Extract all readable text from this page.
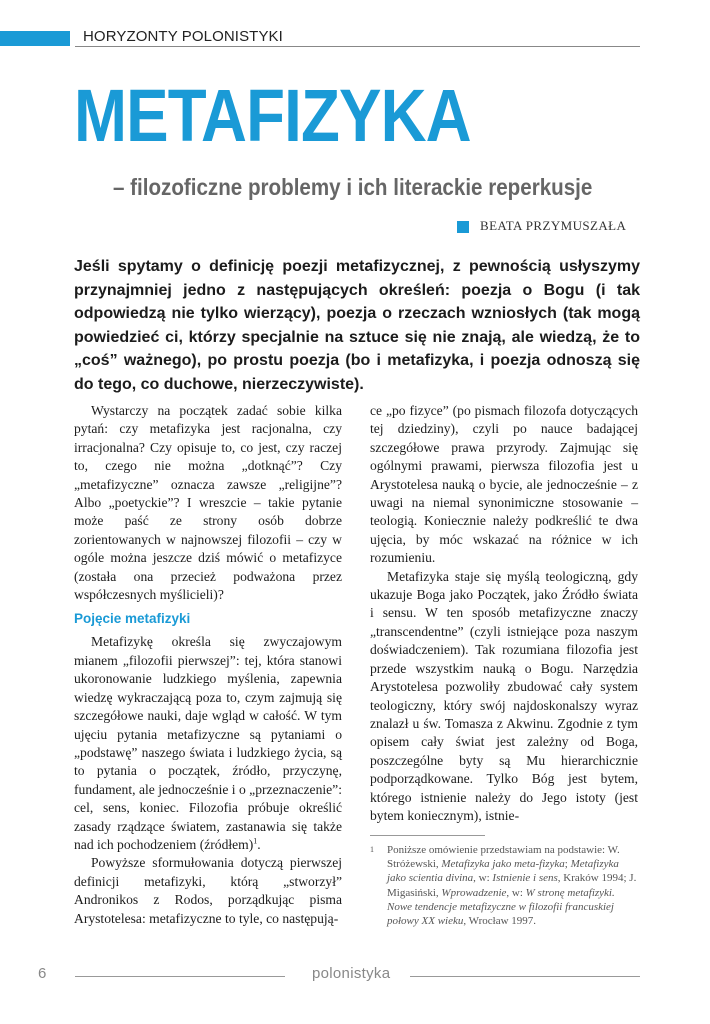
HORYZONTY POLONISTYKI
METAFIZYKA
– filozoficzne problemy i ich literackie reperkusje
BEATA PRZYMUSZAŁA

Jeśli spytamy o definicję poezji metafizycznej, z pewnością usłyszymy przynajmniej jedno z następujących określeń: poezja o Bogu (i tak odpowiedzą nie tylko wierzący), poezja o rzeczach wzniosłych (tak mogą powiedzieć ci, którzy specjalnie na sztuce się nie znają, ale wiedzą, że to „coś” ważnego), po prostu poezja (bo i metafizyka, i poezja odnoszą się do tego, co duchowe, nierzeczywiste).

Wystarczy na początek zadać sobie kilka pytań: czy metafizyka jest racjonalna, czy irracjonalna? Czy opisuje to, co jest, czy raczej to, czego nie można „dotknąć”? Czy „metafizyczne” oznacza zawsze „religijne”? Albo „poetyckie”? I wreszcie – takie pytanie może paść ze strony osób dobrze zorientowanych w najnowszej filozofii – czy w ogóle można jeszcze dziś mówić o metafizyce (została ona przecież podważona przez współczesnych myślicieli)?

Pojęcie metafizyki

Metafizykę określa się zwyczajowym mianem „filozofii pierwszej”: tej, która stanowi ukoronowanie ludzkiego myślenia, zapewnia wiedzę wykraczającą poza to, czym zajmują się szczegółowe nauki, daje wgląd w całość. W tym ujęciu pytania metafizyczne są pytaniami o „podstawę” naszego świata i ludzkiego życia, są to pytania o początek, źródło, przyczynę, fundament, ale jednocześnie i o „przeznaczenie”: cel, sens, koniec. Filozofia próbuje określić zasady rządzące światem, zastanawia się także nad ich pochodzeniem (źródłem)$^1$.

Powyższe sformułowania dotyczą pierwszej definicji metafizyki, którą „stworzył” Andronikos z Rodos, porządkując pisma Arystotelesa: metafizyczne to tyle, co następują-

ce „po fizyce” (po pismach filozofa dotyczących tej dziedziny), czyli po nauce badającej szczegółowe prawa przyrody. Zajmując się ogólnymi prawami, pierwsza filozofia jest u Arystotelesa nauką o bycie, ale jednocześnie – z uwagi na niemal synonimiczne stosowanie – teologią. Koniecznie należy podkreślić te dwa ujęcia, by móc wskazać na różnice w ich rozumieniu.

Metafizyka staje się myślą teologiczną, gdy ukazuje Boga jako Początek, jako Źródło świata i sensu. W ten sposób metafizyczne znaczy „transcendentne” (czyli istniejące poza naszym doświadczeniem). Tak rozumiana filozofia jest przede wszystkim nauką o Bogu. Narzędzia Arystotelesa pozwoliły zbudować cały system teologiczny, który swój najdoskonalszy wyraz znalazł u św. Tomasza z Akwinu. Zgodnie z tym opisem cały świat jest zależny od Boga, poszczególne byty są Mu hierarchicznie podporządkowane. Tylko Bóg jest bytem, którego istnienie należy do Jego istoty (jest bytem koniecznym), istnie-

1 Poniższe omówienie przedstawiam na podstawie: W. Stróżewski, Metafizyka jako meta-fizyka; Metafizyka jako scientia divina, w: Istnienie i sens, Kraków 1994; J. Migasiński, Wprowadzenie, w: W stronę metafizyki. Nowe tendencje metafizyczne w filozofii francuskiej połowy XX wieku, Wrocław 1997.
6	polonistyka
